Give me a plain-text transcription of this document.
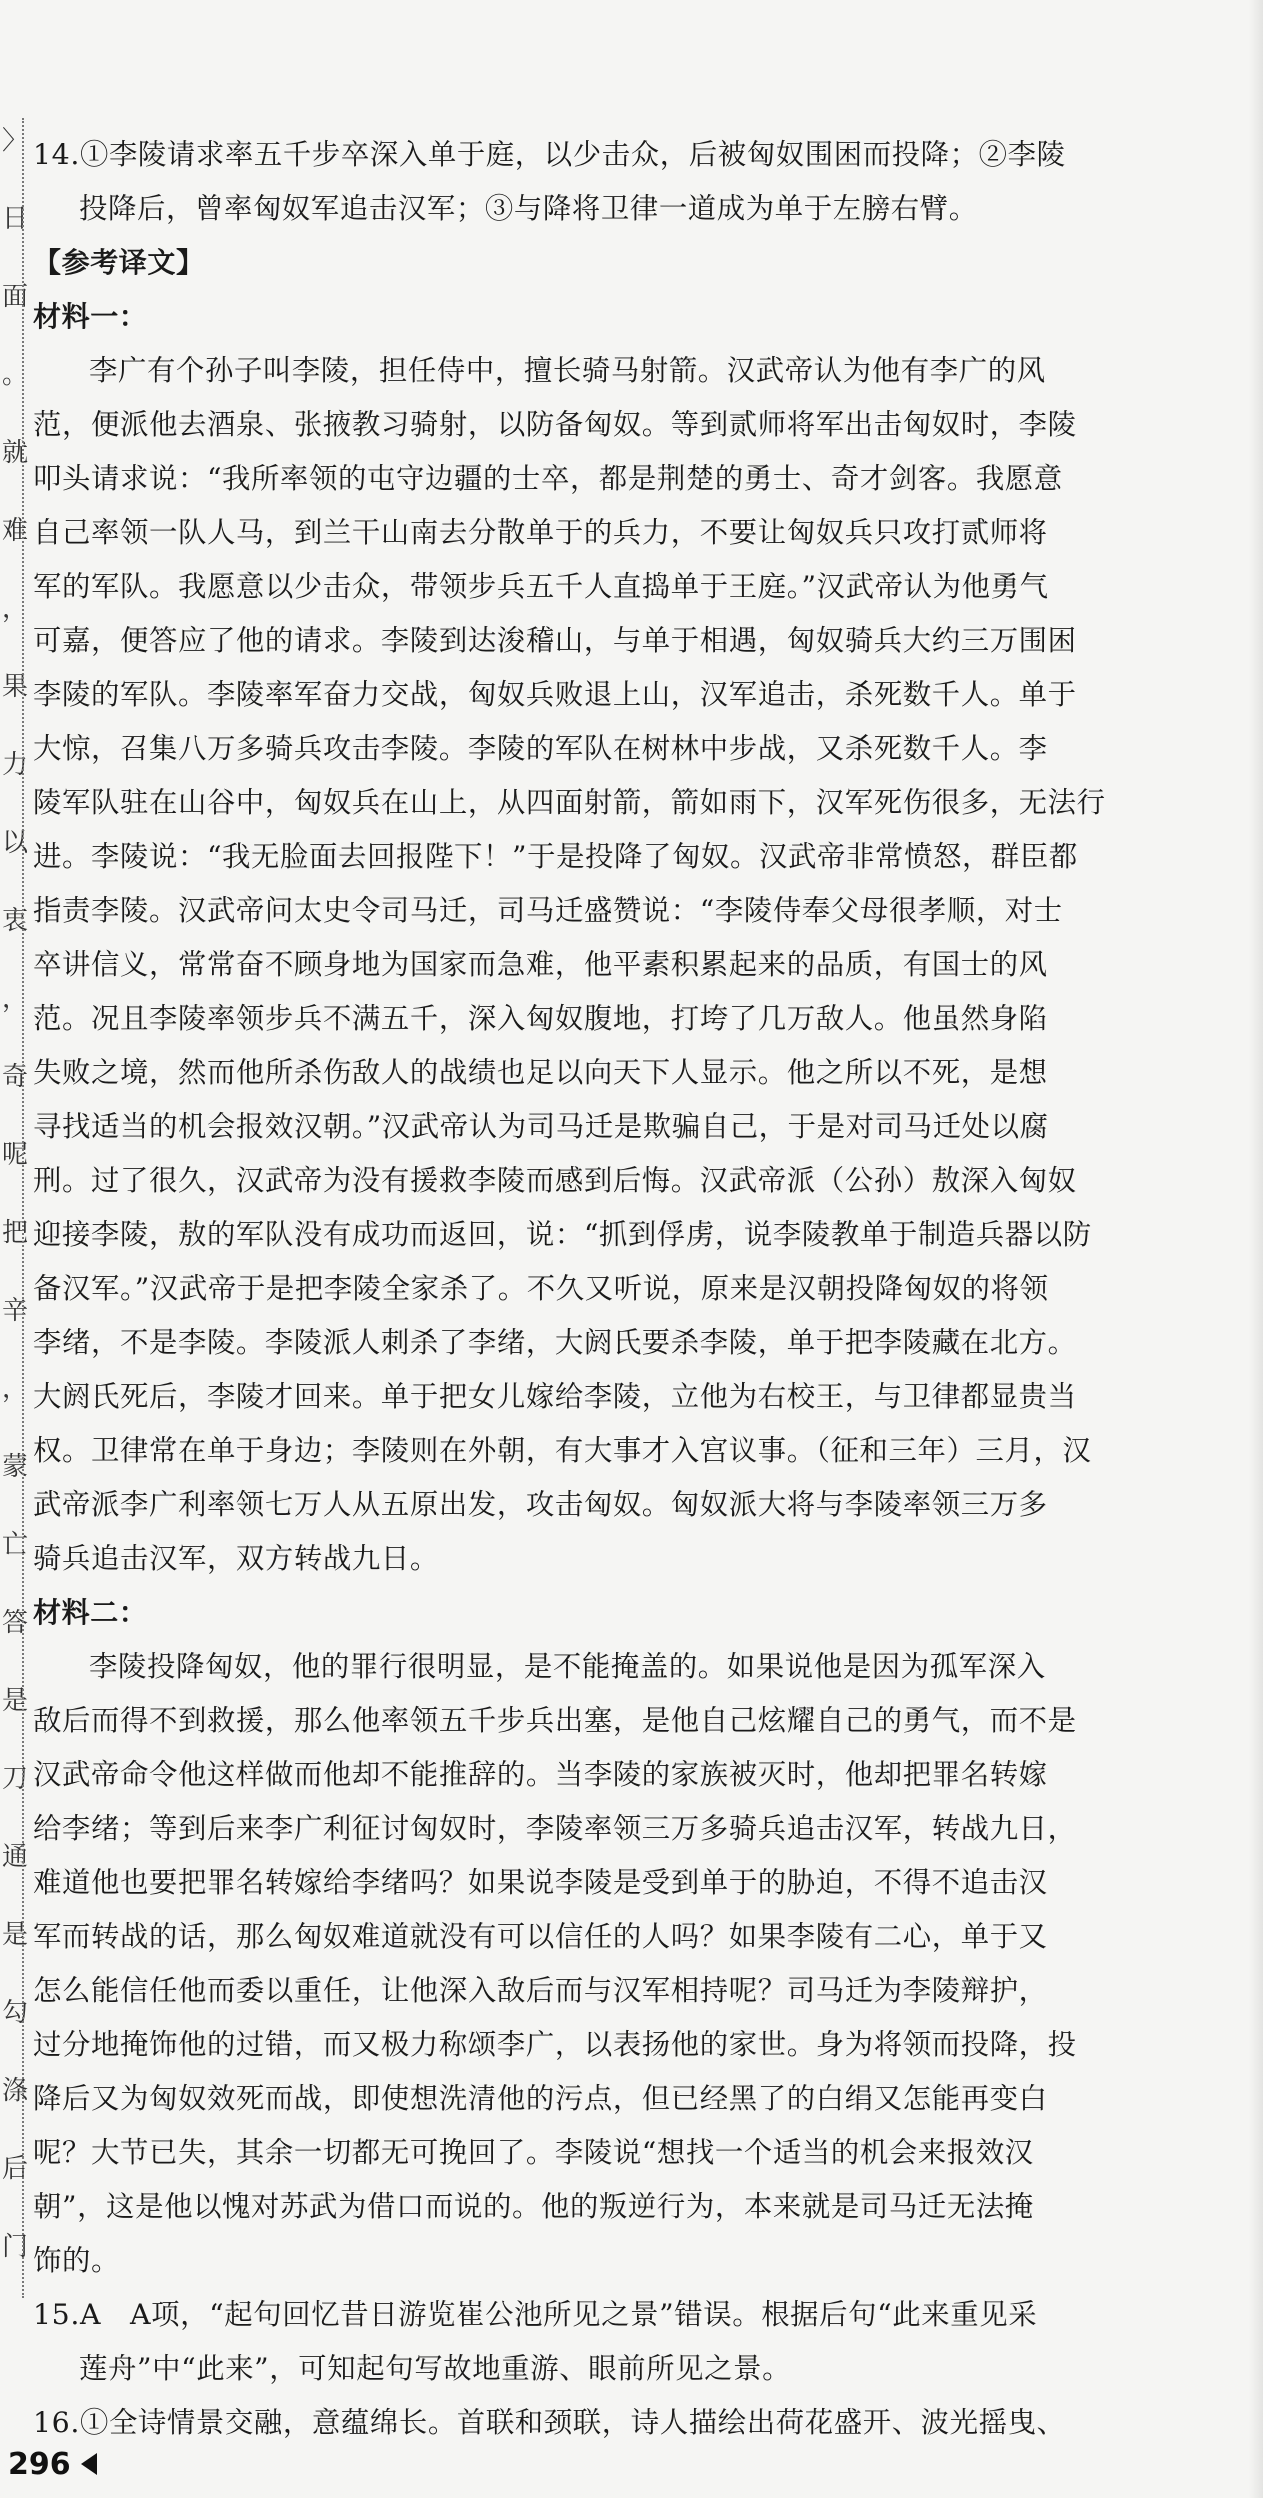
〉
日
面
。
就
难
，
果
力
以
衷
，
奇
呢
把
辛
，
蒙
亡
答
是
刀
通
是
勾
涤
后
门
14.①李陵请求率五千步卒深入单于庭，以少击众，后被匈奴围困而投降；②李陵
投降后，曾率匈奴军追击汉军；③与降将卫律一道成为单于左膀右臂。
【参考译文】
材料一：
李广有个孙子叫李陵，担任侍中，擅长骑马射箭。汉武帝认为他有李广的风
范，便派他去酒泉、张掖教习骑射，以防备匈奴。等到贰师将军出击匈奴时，李陵
叩头请求说：“我所率领的屯守边疆的士卒，都是荆楚的勇士、奇才剑客。我愿意
自己率领一队人马，到兰干山南去分散单于的兵力，不要让匈奴兵只攻打贰师将
军的军队。我愿意以少击众，带领步兵五千人直捣单于王庭。”汉武帝认为他勇气
可嘉，便答应了他的请求。李陵到达浚稽山，与单于相遇，匈奴骑兵大约三万围困
李陵的军队。李陵率军奋力交战，匈奴兵败退上山，汉军追击，杀死数千人。单于
大惊，召集八万多骑兵攻击李陵。李陵的军队在树林中步战，又杀死数千人。李
陵军队驻在山谷中，匈奴兵在山上，从四面射箭，箭如雨下，汉军死伤很多，无法行
进。李陵说：“我无脸面去回报陛下！”于是投降了匈奴。汉武帝非常愤怒，群臣都
指责李陵。汉武帝问太史令司马迁，司马迁盛赞说：“李陵侍奉父母很孝顺，对士
卒讲信义，常常奋不顾身地为国家而急难，他平素积累起来的品质，有国士的风
范。况且李陵率领步兵不满五千，深入匈奴腹地，打垮了几万敌人。他虽然身陷
失败之境，然而他所杀伤敌人的战绩也足以向天下人显示。他之所以不死，是想
寻找适当的机会报效汉朝。”汉武帝认为司马迁是欺骗自己，于是对司马迁处以腐
刑。过了很久，汉武帝为没有援救李陵而感到后悔。汉武帝派（公孙）敖深入匈奴
迎接李陵，敖的军队没有成功而返回，说：“抓到俘虏，说李陵教单于制造兵器以防
备汉军。”汉武帝于是把李陵全家杀了。不久又听说，原来是汉朝投降匈奴的将领
李绪，不是李陵。李陵派人刺杀了李绪，大阏氏要杀李陵，单于把李陵藏在北方。
大阏氏死后，李陵才回来。单于把女儿嫁给李陵，立他为右校王，与卫律都显贵当
权。卫律常在单于身边；李陵则在外朝，有大事才入宫议事。（征和三年）三月，汉
武帝派李广利率领七万人从五原出发，攻击匈奴。匈奴派大将与李陵率领三万多
骑兵追击汉军，双方转战九日。
材料二：
李陵投降匈奴，他的罪行很明显，是不能掩盖的。如果说他是因为孤军深入
敌后而得不到救援，那么他率领五千步兵出塞，是他自己炫耀自己的勇气，而不是
汉武帝命令他这样做而他却不能推辞的。当李陵的家族被灭时，他却把罪名转嫁
给李绪；等到后来李广利征讨匈奴时，李陵率领三万多骑兵追击汉军，转战九日，
难道他也要把罪名转嫁给李绪吗？如果说李陵是受到单于的胁迫，不得不追击汉
军而转战的话，那么匈奴难道就没有可以信任的人吗？如果李陵有二心，单于又
怎么能信任他而委以重任，让他深入敌后而与汉军相持呢？司马迁为李陵辩护，
过分地掩饰他的过错，而又极力称颂李广，以表扬他的家世。身为将领而投降，投
降后又为匈奴效死而战，即使想洗清他的污点，但已经黑了的白绢又怎能再变白
呢？大节已失，其余一切都无可挽回了。李陵说“想找一个适当的机会来报效汉
朝”，这是他以愧对苏武为借口而说的。他的叛逆行为，本来就是司马迁无法掩
饰的。
15.A　A项，“起句回忆昔日游览崔公池所见之景”错误。根据后句“此来重见采
莲舟”中“此来”，可知起句写故地重游、眼前所见之景。
16.①全诗情景交融，意蕴绵长。首联和颈联，诗人描绘出荷花盛开、波光摇曳、
296
